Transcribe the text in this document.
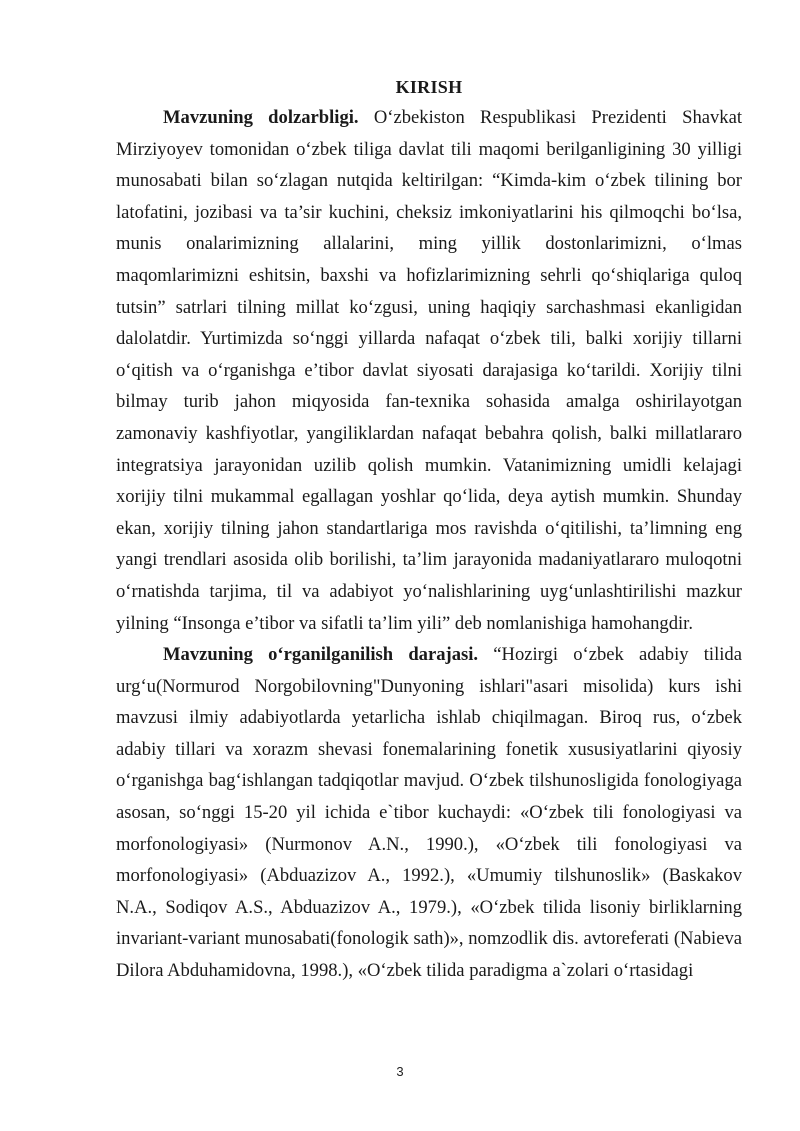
KIRISH

Mavzuning dolzarbligi. O‘zbekiston Respublikasi Prezidenti Shavkat Mirziyoyev tomonidan o‘zbek tiliga davlat tili maqomi berilganligining 30 yilligi munosabati bilan so‘zlagan nutqida keltirilgan: “Kimda-kim o‘zbek tilining bor latofatini, jozibasi va ta’sir kuchini, cheksiz imkoniyatlarini his qilmoqchi bo‘lsa, munis onalarimizning allalarini, ming yillik dostonlarimizni, o‘lmas maqomlarimizni eshitsin, baxshi va hofizlarimizning sehrli qo‘shiqlariga quloq tutsin” satrlari tilning millat ko‘zgusi, uning haqiqiy sarchashmasi ekanligidan dalolatdir. Yurtimizda so‘nggi yillarda nafaqat o‘zbek tili, balki xorijiy tillarni o‘qitish va o‘rganishga e’tibor davlat siyosati darajasiga ko‘tarildi. Xorijiy tilni bilmay turib jahon miqyosida fan-texnika sohasida amalga oshirilayotgan zamonaviy kashfiyotlar, yangiliklardan nafaqat bebahra qolish, balki millatlararo integratsiya jarayonidan uzilib qolish mumkin. Vatanimizning umidli kelajagi xorijiy tilni mukammal egallagan yoshlar qo‘lida, deya aytish mumkin. Shunday ekan, xorijiy tilning jahon standartlariga mos ravishda o‘qitilishi, ta’limning eng yangi trendlari asosida olib borilishi, ta’lim jarayonida madaniyatlararo muloqotni o‘rnatishda tarjima, til va adabiyot yo‘nalishlarining uyg‘unlashtirilishi mazkur yilning “Insonga e’tibor va sifatli ta’lim yili” deb nomlanishiga hamohangdir.

Mavzuning o‘rganilganilish darajasi. “Hozirgi o‘zbek adabiy tilida urg‘u(Normurod Norgobilovning"Dunyoning ishlari"asari misolida) kurs ishi mavzusi ilmiy adabiyotlarda yetarlicha ishlab chiqilmagan. Biroq rus, o‘zbek adabiy tillari va xorazm shevasi fonemalarining fonetik xususiyatlarini qiyosiy o‘rganishga bag‘ishlangan tadqiqotlar mavjud. O‘zbek tilshunosligida fonologiyaga asosan, so‘nggi 15-20 yil ichida e`tibor kuchaydi: «O‘zbek tili fonologiyasi va morfonologiyasi» (Nurmonov A.N., 1990.), «O‘zbek tili fonologiyasi va morfonologiyasi» (Abduazizov A., 1992.), «Umumiy tilshunoslik» (Baskakov N.A., Sodiqov A.S., Abduazizov A., 1979.), «O‘zbek tilida lisoniy birliklarning invariant-variant munosabati(fonologik sath)», nomzodlik dis. avtoreferati (Nabieva Dilora Abduhamidovna, 1998.), «O‘zbek tilida paradigma a`zolari o‘rtasidagi

3
